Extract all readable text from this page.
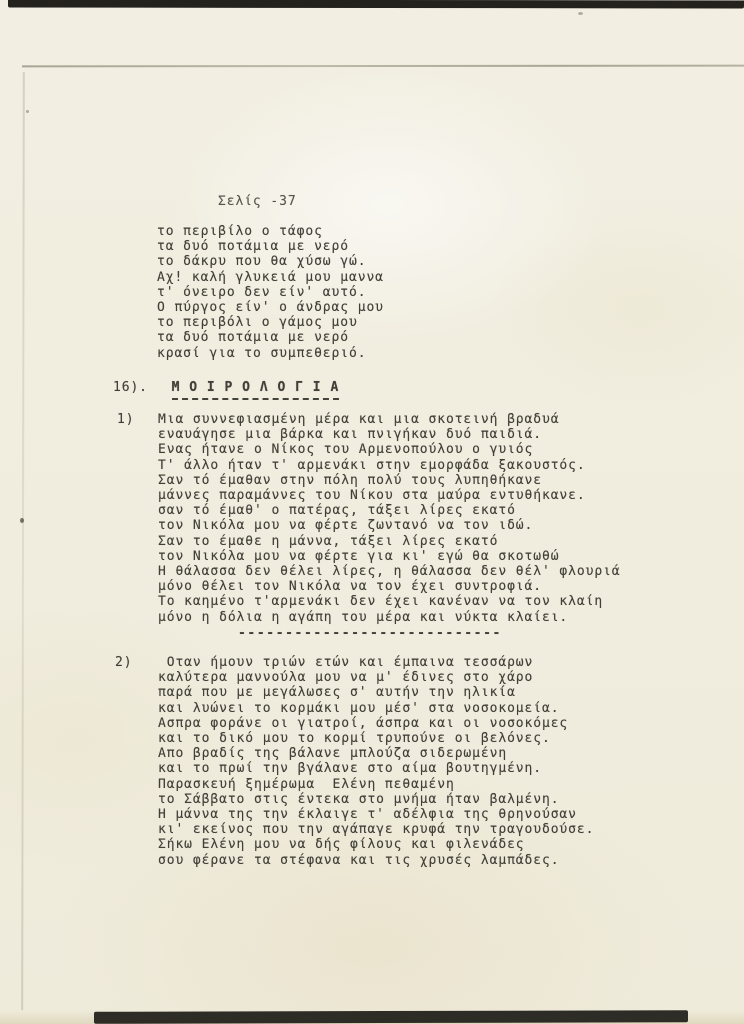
Σελίς -37
το περιβίλο ο τάφος
τα δυό ποτάμια με νερό
το δάκρυ που θα χύσω γώ.
Αχ! καλή γλυκειά μου μαννα
τ' όνειρο δεν είν' αυτό.
Ο πύργος είν' ο άνδρας μου
το περιβόλι ο γάμος μου
τα δυό ποτάμια με νερό
κρασί για το συμπεθεριό.
16). Μ Ο Ι Ρ Ο Λ Ο Γ Ι Α
1) Μια συννεφιασμένη μέρα και μια σκοτεινή βραδυά
εναυάγησε μια βάρκα και πνιγήκαν δυό παιδιά.
Ενας ήτανε ο Νίκος του Αρμενοπούλου ο γυιός
Τ' άλλο ήταν τ' αρμενάκι στην εμορφάδα ξακουστός.
Σαν τό έμαθαν στην πόλη πολύ τους λυπηθήκανε
μάννες παραμάννες του Νίκου στα μαύρα εντυθήκανε.
σαν τό έμαθ' ο πατέρας, τάξει λίρες εκατό
τον Νικόλα μου να φέρτε ζωντανό να τον ιδώ.
Σαν το έμαθε η μάννα, τάξει λίρες εκατό
τον Νικόλα μου να φέρτε για κι' εγώ θα σκοτωθώ
Η θάλασσα δεν θέλει λίρες, η θάλασσα δεν θέλ' φλουριά
μόνο θέλει τον Νικόλα να τον έχει συντροφιά.
Το καημένο τ'αρμενάκι δεν έχει κανέναν να τον κλαίη
μόνο η δόλια η αγάπη του μέρα και νύκτα κλαίει.
----------------------------
2) Οταν ήμουν τριών ετών και έμπαινα τεσσάρων
καλύτερα μαννούλα μου να μ' έδινες στο χάρο
παρά που με μεγάλωσες σ' αυτήν την ηλικία
και λυώνει το κορμάκι μου μέσ' στα νοσοκομεία.
Ασπρα φοράνε οι γιατροί, άσπρα και οι νοσοκόμες
και το δικό μου το κορμί τρυπούνε οι βελόνες.
Απο βραδίς της βάλανε μπλούζα σιδερωμένη
και το πρωί την βγάλανε στο αίμα βουτηγμένη.
Παρασκευή ξημέρωμα  Ελένη πεθαμένη
το Σάββατο στις έντεκα στο μνήμα ήταν βαλμένη.
Η μάννα της την έκλαιγε τ' αδέλφια της θρηνούσαν
κι' εκείνος που την αγάπαγε κρυφά την τραγουδούσε.
Σήκω Ελένη μου να δής φίλους και φιλενάδες
σου φέρανε τα στέφανα και τις χρυσές λαμπάδες.
